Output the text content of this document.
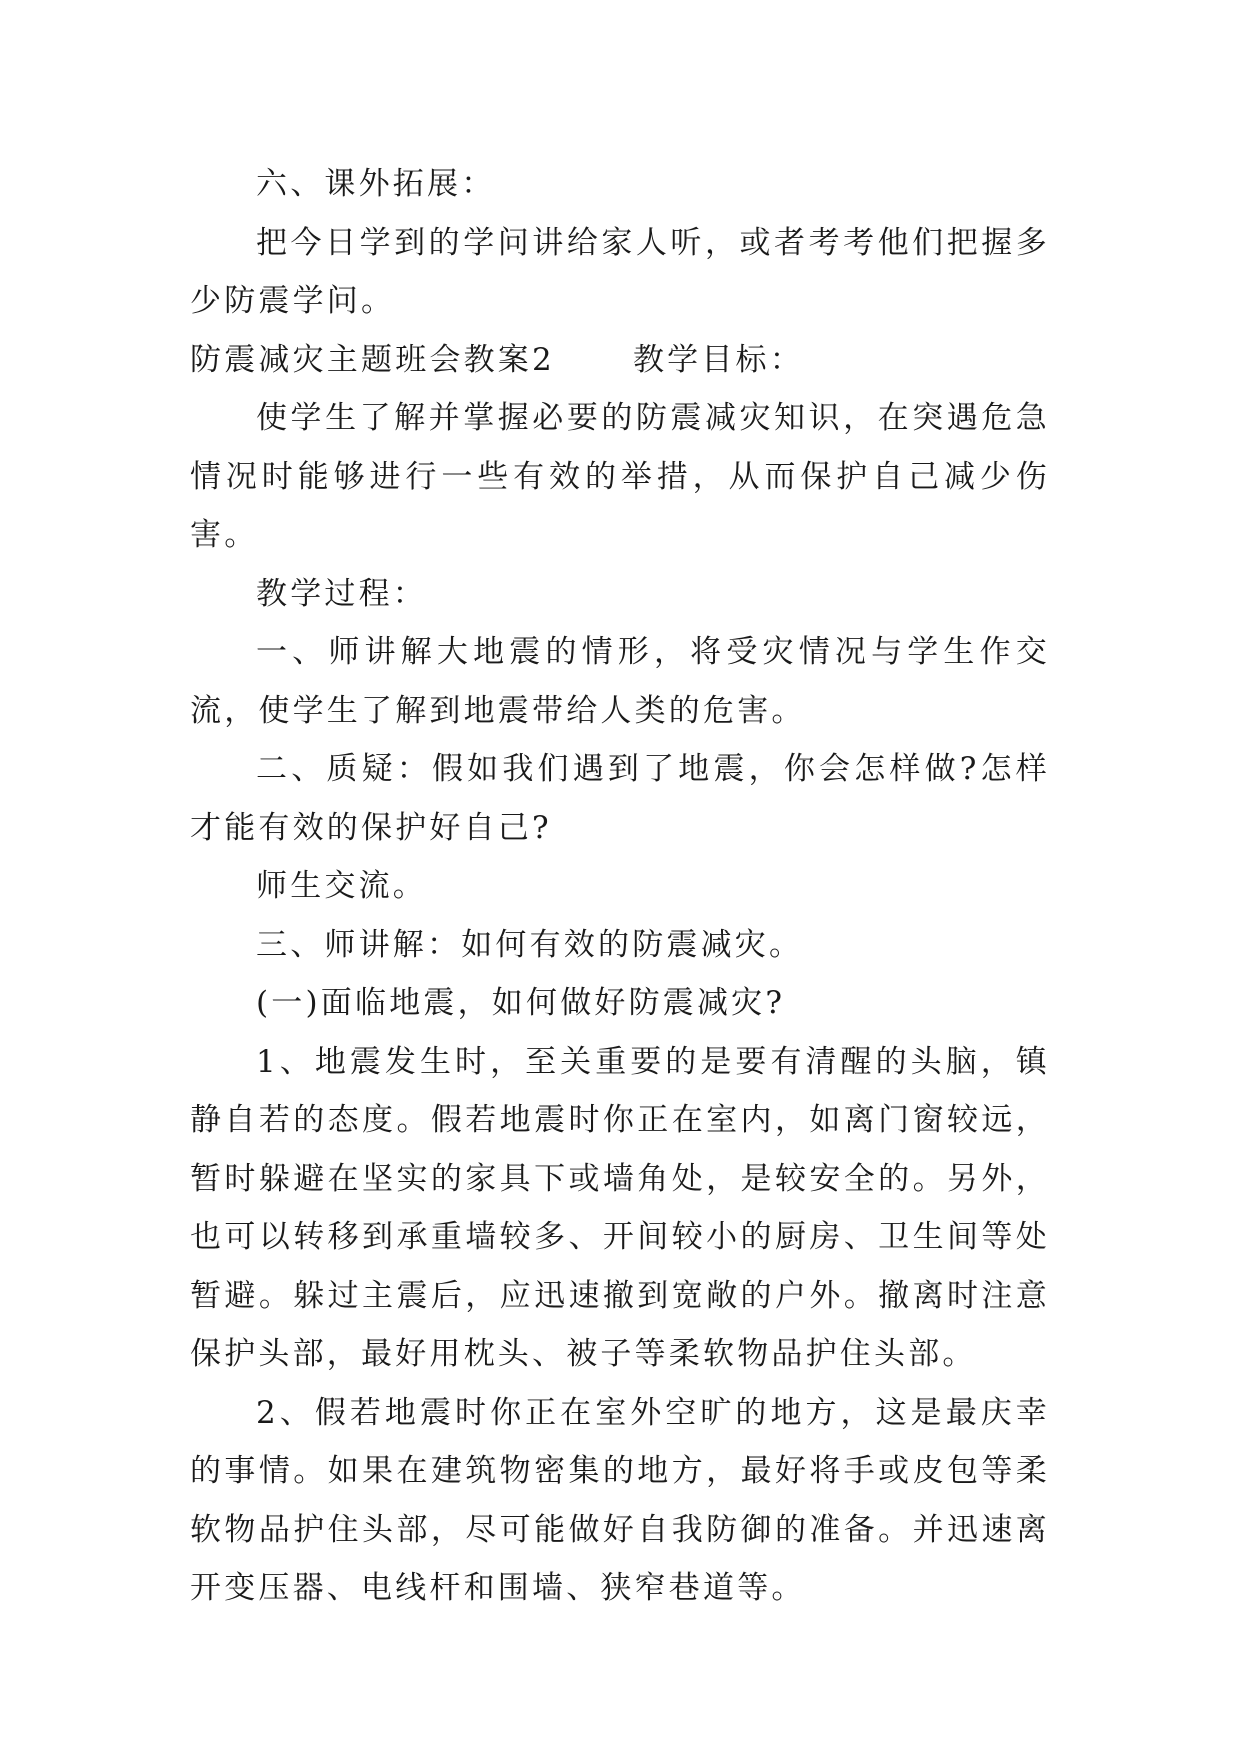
六、课外拓展：

把今日学到的学问讲给家人听，或者考考他们把握多少防震学问。

防震减灾主题班会教案2	教学目标：

使学生了解并掌握必要的防震减灾知识，在突遇危急情况时能够进行一些有效的举措，从而保护自己减少伤害。

教学过程：

一、师讲解大地震的情形，将受灾情况与学生作交流，使学生了解到地震带给人类的危害。

二、质疑：假如我们遇到了地震，你会怎样做?怎样才能有效的保护好自己?

师生交流。

三、师讲解：如何有效的防震减灾。

(一)面临地震，如何做好防震减灾?

1、地震发生时，至关重要的是要有清醒的头脑，镇静自若的态度。假若地震时你正在室内，如离门窗较远，暂时躲避在坚实的家具下或墙角处，是较安全的。另外，也可以转移到承重墙较多、开间较小的厨房、卫生间等处暂避。躲过主震后，应迅速撤到宽敞的户外。撤离时注意保护头部，最好用枕头、被子等柔软物品护住头部。

2、假若地震时你正在室外空旷的地方，这是最庆幸的事情。如果在建筑物密集的地方，最好将手或皮包等柔软物品护住头部，尽可能做好自我防御的准备。并迅速离开变压器、电线杆和围墙、狭窄巷道等。
